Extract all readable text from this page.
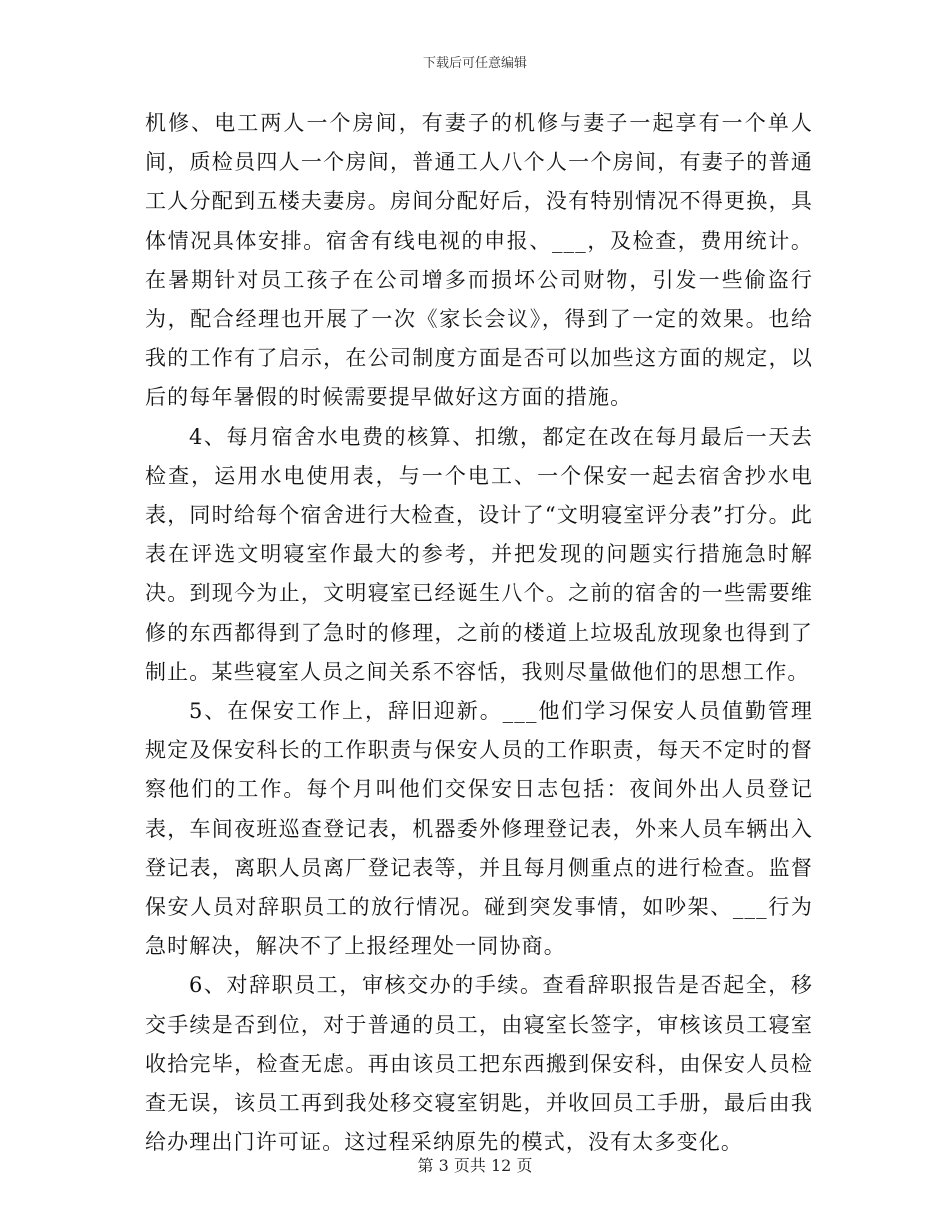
下载后可任意编辑

机修、电工两人一个房间，有妻子的机修与妻子一起享有一个单人间，质检员四人一个房间，普通工人八个人一个房间，有妻子的普通工人分配到五楼夫妻房。房间分配好后，没有特别情况不得更换，具体情况具体安排。宿舍有线电视的申报、___，及检查，费用统计。在暑期针对员工孩子在公司增多而损坏公司财物，引发一些偷盗行为，配合经理也开展了一次《家长会议》，得到了一定的效果。也给我的工作有了启示，在公司制度方面是否可以加些这方面的规定，以后的每年暑假的时候需要提早做好这方面的措施。

4、每月宿舍水电费的核算、扣缴，都定在改在每月最后一天去检查，运用水电使用表，与一个电工、一个保安一起去宿舍抄水电表，同时给每个宿舍进行大检查，设计了“文明寝室评分表”打分。此表在评选文明寝室作最大的参考，并把发现的问题实行措施急时解决。到现今为止，文明寝室已经诞生八个。之前的宿舍的一些需要维修的东西都得到了急时的修理，之前的楼道上垃圾乱放现象也得到了制止。某些寝室人员之间关系不容恬，我则尽量做他们的思想工作。

5、在保安工作上，辞旧迎新。___他们学习保安人员值勤管理规定及保安科长的工作职责与保安人员的工作职责，每天不定时的督察他们的工作。每个月叫他们交保安日志包括：夜间外出人员登记表，车间夜班巡查登记表，机器委外修理登记表，外来人员车辆出入登记表，离职人员离厂登记表等，并且每月侧重点的进行检查。监督保安人员对辞职员工的放行情况。碰到突发事情，如吵架、___行为急时解决，解决不了上报经理处一同协商。

6、对辞职员工，审核交办的手续。查看辞职报告是否起全，移交手续是否到位，对于普通的员工，由寝室长签字，审核该员工寝室收拾完毕，检查无虑。再由该员工把东西搬到保安科，由保安人员检查无误，该员工再到我处移交寝室钥匙，并收回员工手册，最后由我给办理出门许可证。这过程采纳原先的模式，没有太多变化。

第 3 页共 12 页
